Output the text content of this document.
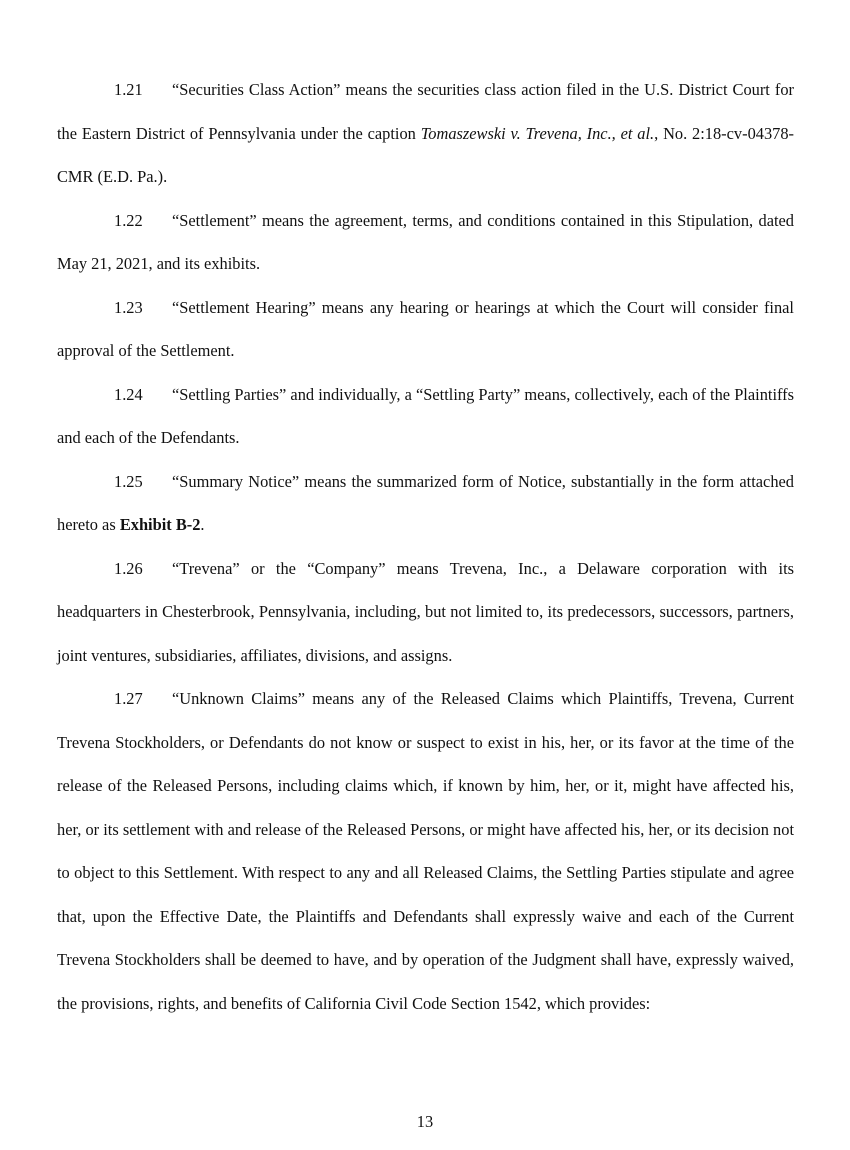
1.21 “Securities Class Action” means the securities class action filed in the U.S. District Court for the Eastern District of Pennsylvania under the caption Tomaszewski v. Trevena, Inc., et al., No. 2:18-cv-04378-CMR (E.D. Pa.).

1.22 “Settlement” means the agreement, terms, and conditions contained in this Stipulation, dated May 21, 2021, and its exhibits.

1.23 “Settlement Hearing” means any hearing or hearings at which the Court will consider final approval of the Settlement.

1.24 “Settling Parties” and individually, a “Settling Party” means, collectively, each of the Plaintiffs and each of the Defendants.

1.25 “Summary Notice” means the summarized form of Notice, substantially in the form attached hereto as Exhibit B-2.

1.26 “Trevena” or the “Company” means Trevena, Inc., a Delaware corporation with its headquarters in Chesterbrook, Pennsylvania, including, but not limited to, its predecessors, successors, partners, joint ventures, subsidiaries, affiliates, divisions, and assigns.

1.27 “Unknown Claims” means any of the Released Claims which Plaintiffs, Trevena, Current Trevena Stockholders, or Defendants do not know or suspect to exist in his, her, or its favor at the time of the release of the Released Persons, including claims which, if known by him, her, or it, might have affected his, her, or its settlement with and release of the Released Persons, or might have affected his, her, or its decision not to object to this Settlement. With respect to any and all Released Claims, the Settling Parties stipulate and agree that, upon the Effective Date, the Plaintiffs and Defendants shall expressly waive and each of the Current Trevena Stockholders shall be deemed to have, and by operation of the Judgment shall have, expressly waived, the provisions, rights, and benefits of California Civil Code Section 1542, which provides:

13
